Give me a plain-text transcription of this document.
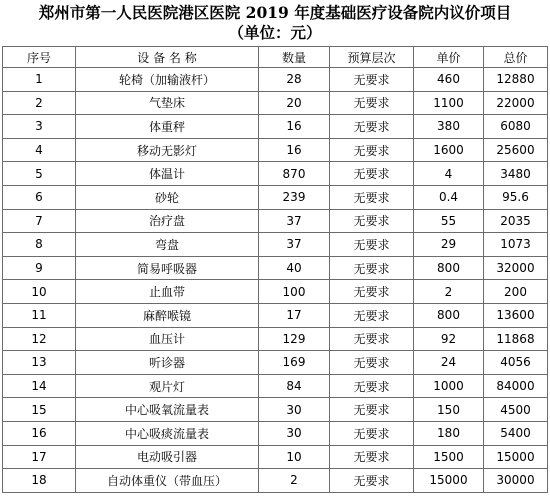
郑州市第一人民医院港区医院 2019 年度基础医疗设备院内议价项目
（单位：元）
序号	设 备 名 称	数量	预算层次	单价	总价
1	轮椅（加输液杆）	28	无要求	460	12880
2	气垫床	20	无要求	1100	22000
3	体重秤	16	无要求	380	6080
4	移动无影灯	16	无要求	1600	25600
5	体温计	870	无要求	4	3480
6	砂轮	239	无要求	0.4	95.6
7	治疗盘	37	无要求	55	2035
8	弯盘	37	无要求	29	1073
9	简易呼吸器	40	无要求	800	32000
10	止血带	100	无要求	2	200
11	麻醉喉镜	17	无要求	800	13600
12	血压计	129	无要求	92	11868
13	听诊器	169	无要求	24	4056
14	观片灯	84	无要求	1000	84000
15	中心吸氧流量表	30	无要求	150	4500
16	中心吸痰流量表	30	无要求	180	5400
17	电动吸引器	10	无要求	1500	15000
18	自动体重仪（带血压）	2	无要求	15000	30000
